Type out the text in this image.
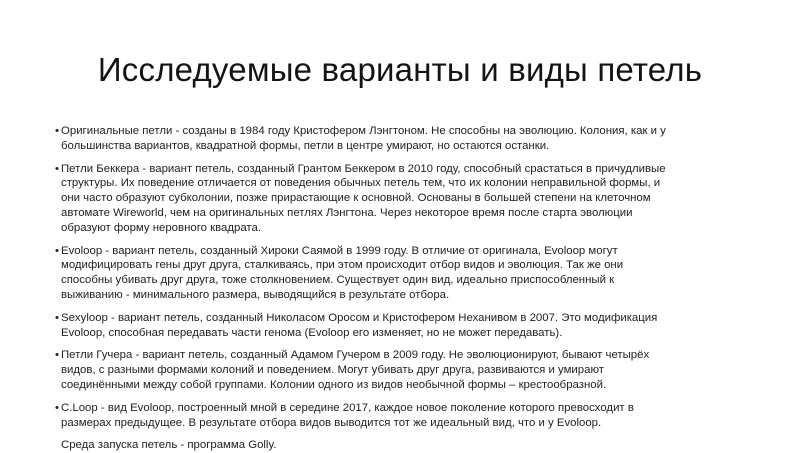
Исследуемые варианты и виды петель
• Оригинальные петли - созданы в 1984 году Кристофером Лэнгтоном. Не способны на эволюцию. Колония, как и у
большинства вариантов, квадратной формы, петли в центре умирают, но остаются останки.
• Петли Беккера - вариант петель, созданный Грантом Беккером в 2010 году, способный срастаться в причудливые
структуры. Их поведение отличается от поведения обычных петель тем, что их колонии неправильной формы, и
они часто образуют субколонии, позже прирастающие к основной. Основаны в большей степени на клеточном
автомате Wireworld, чем на оригинальных петлях Лэнгтона. Через некоторое время после старта эволюции
образуют форму неровного квадрата.
• Evoloop - вариант петель, созданный Хироки Саямой в 1999 году. В отличие от оригинала, Evoloop могут
модифицировать гены друг друга, сталкиваясь, при этом происходит отбор видов и эволюция. Так же они
способны убивать друг друга, тоже столкновением. Существует один вид, идеально приспособленный к
выживанию - минимального размера, выводящийся в результате отбора.
• Sexyloop - вариант петель, созданный Николасом Оросом и Кристофером Неханивом в 2007. Это модификация
Evoloop, способная передавать части генома (Evoloop его изменяет, но не может передавать).
• Петли Гучера - вариант петель, созданный Адамом Гучером в 2009 году. Не эволюционируют, бывают четырёх
видов, с разными формами колоний и поведением. Могут убивать друг друга, развиваются и умирают
соединёнными между собой группами. Колонии одного из видов необычной формы – крестообразной.
• C.Loop - вид Evoloop, построенный мной в середине 2017, каждое новое поколение которого превосходит в
размерах предыдущее. В результате отбора видов выводится тот же идеальный вид, что и у Evoloop.

Среда запуска петель - программа Golly.
